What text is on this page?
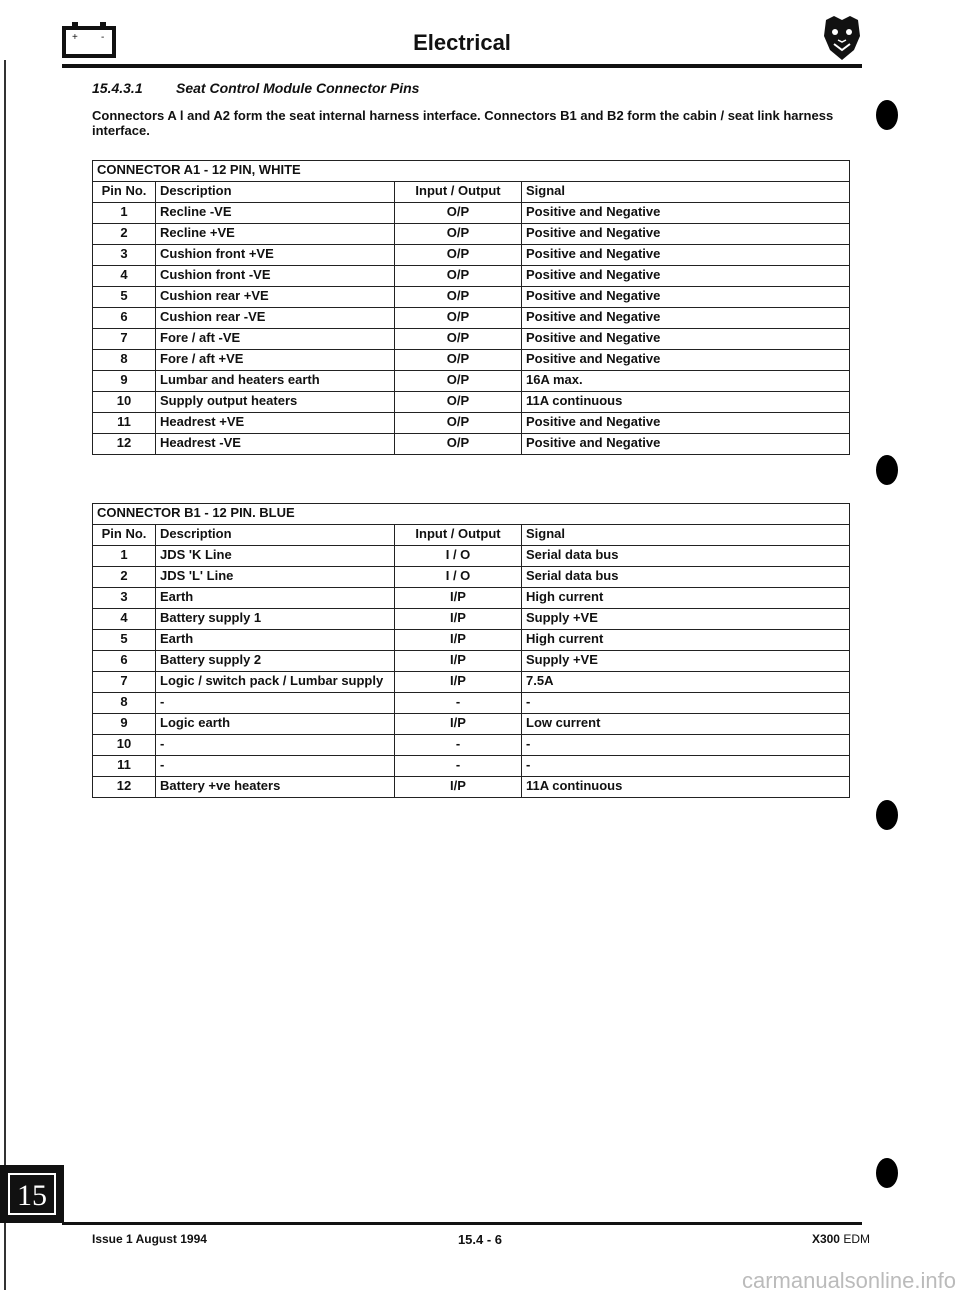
+ -	Electrical
15.4.3.1 Seat Control Module Connector Pins
Connectors A l and A2 form the seat internal harness interface. Connectors B1 and B2 form the cabin / seat link harness interface.
CONNECTOR A1 - 12 PIN, WHITE			
Pin No.	Description	Input / Output	Signal
1	Recline -VE	O/P	Positive and Negative
2	Recline +VE	O/P	Positive and Negative
3	Cushion front +VE	O/P	Positive and Negative
4	Cushion front -VE	O/P	Positive and Negative
5	Cushion rear +VE	O/P	Positive and Negative
6	Cushion rear -VE	O/P	Positive and Negative
7	Fore / aft -VE	O/P	Positive and Negative
8	Fore / aft +VE	O/P	Positive and Negative
9	Lumbar and heaters earth	O/P	16A max.
10	Supply output heaters	O/P	11A continuous
11	Headrest +VE	O/P	Positive and Negative
12	Headrest -VE	O/P	Positive and Negative
CONNECTOR B1 - 12 PIN. BLUE			
Pin No.	Description	Input / Output	Signal
1	JDS 'K Line	I / O	Serial data bus
2	JDS 'L' Line	I / O	Serial data bus
3	Earth	I/P	High current
4	Battery supply 1	I/P	Supply +VE
5	Earth	I/P	High current
6	Battery supply 2	I/P	Supply +VE
7	Logic / switch pack / Lumbar supply	I/P	7.5A
8	-	-	-
9	Logic earth	I/P	Low current
10	-	-	-
11	-	-	-
12	Battery +ve heaters	I/P	11A continuous
15
Issue 1 August 1994	15.4 - 6	X300 EDM
carmanualsonline.info
